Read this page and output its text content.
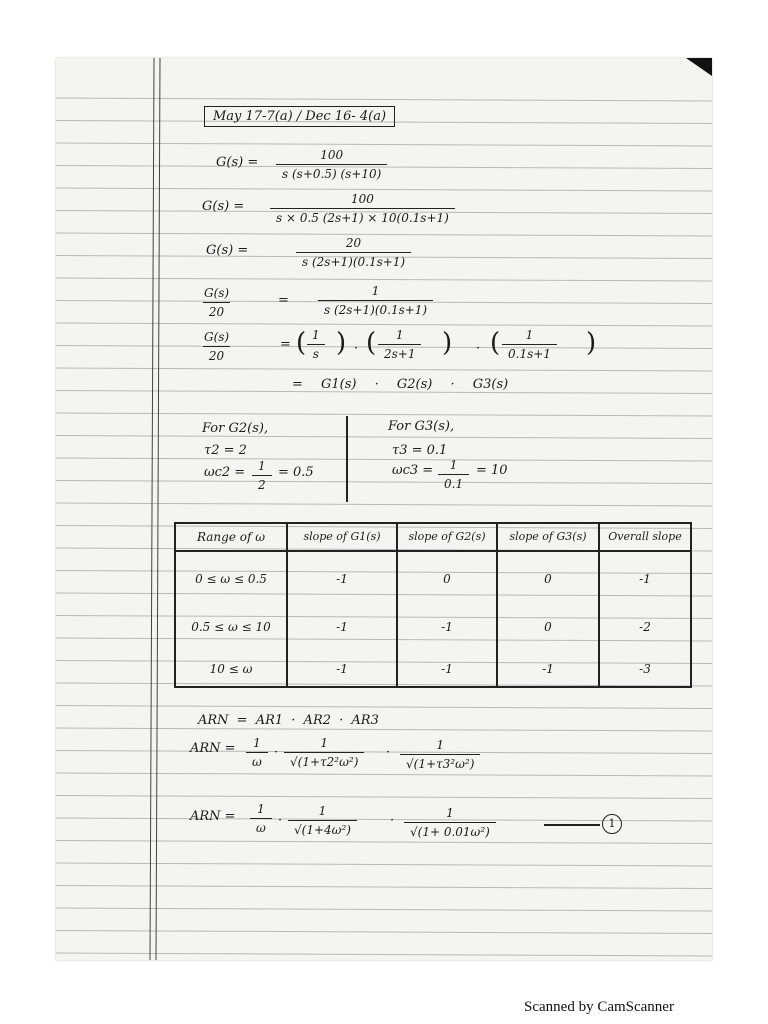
May 17-7(a) / Dec 16- 4(a)
$G(s) = \frac{100}{s (s+0.5) (s+10)}$
$G(s) = \frac{100}{s \times 0.5 (2s+1) \times 10(0.1s+1)}$
G(s) =	$\frac{20}{s (2s+1)(0.1s+1)}$
$\frac{G(s)}{20}$	= $\frac{1}{s (2s+1)(0.1s+1)}$
$\frac{G(s)}{20}$	= ( $\frac{1}{s}$ ) · ( $\frac{1}{2s+1}$ ) · ( $\frac{1}{0.1s+1}$ )
= G1(s) · G2(s) · G3(s)
For G2(s),
τ2 = 2
$\omega c2 = \frac{1}{2} = 0.5$
For G3(s),
τ3 = 0.1
$\omega c3 = \frac{1}{0.1} = 10$
Range of ω	slope of G1(s)	slope of G2(s)	slope of G3(s)	Overall slope
0 ≤ ω ≤ 0.5	-1	0	0	-1
0.5 ≤ ω ≤ 10	-1	-1	0	-2
10 ≤ ω	-1	-1	-1	-3
ARN = AR1 · AR2 · AR3
ARN = $\frac{1}{\omega} \cdot \frac{1}{\text{√(1+τ2²ω²)}} \cdot \frac{1}{\text{√(1+τ3²ω²)}}$
ARN = $\frac{1}{\omega} \cdot \frac{1}{\text{√(1+4ω²)}}$	· $\frac{1}{\text{√(1+ 0.01ω²)}}$	1
Scanned by CamScanner
